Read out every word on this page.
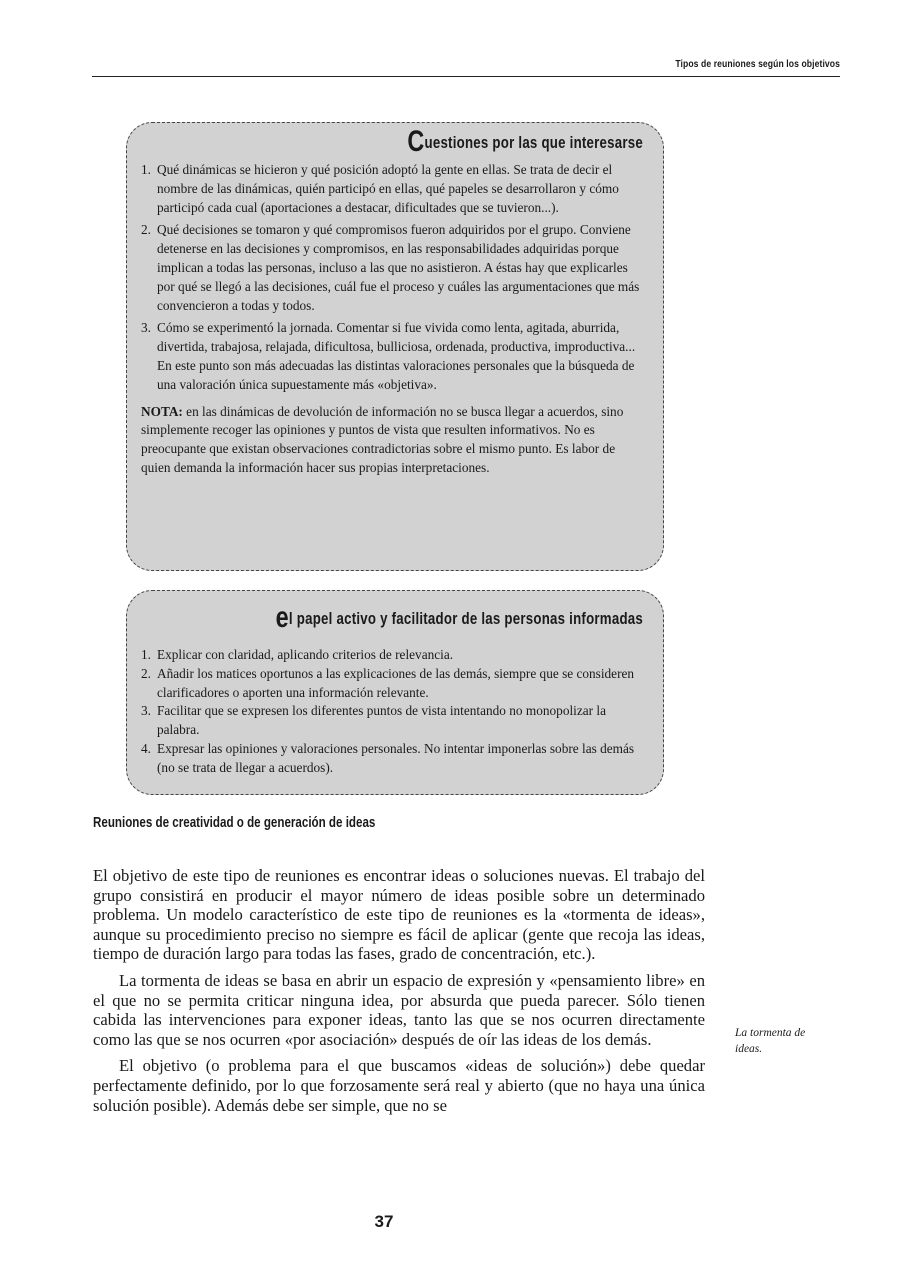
Tipos de reuniones según los objetivos
Cuestiones por las que interesarse
1. Qué dinámicas se hicieron y qué posición adoptó la gente en ellas. Se trata de decir el nombre de las dinámicas, quién participó en ellas, qué papeles se desarrollaron y cómo participó cada cual (aportaciones a destacar, dificultades que se tuvieron...).
2. Qué decisiones se tomaron y qué compromisos fueron adquiridos por el grupo. Conviene detenerse en las decisiones y compromisos, en las responsabilidades adquiridas porque implican a todas las personas, incluso a las que no asistieron. A éstas hay que explicarles por qué se llegó a las decisiones, cuál fue el proceso y cuáles las argumentaciones que más convencieron a todas y todos.
3. Cómo se experimentó la jornada. Comentar si fue vivida como lenta, agitada, aburrida, divertida, trabajosa, relajada, dificultosa, bulliciosa, ordenada, productiva, improductiva... En este punto son más adecuadas las distintas valoraciones personales que la búsqueda de una valoración única supuestamente más «objetiva».
NOTA: en las dinámicas de devolución de información no se busca llegar a acuerdos, sino simplemente recoger las opiniones y puntos de vista que resulten informativos. No es preocupante que existan observaciones contradictorias sobre el mismo punto. Es labor de quien demanda la información hacer sus propias interpretaciones.
el papel activo y facilitador de las personas informadas
1. Explicar con claridad, aplicando criterios de relevancia.
2. Añadir los matices oportunos a las explicaciones de las demás, siempre que se consideren clarificadores o aporten una información relevante.
3. Facilitar que se expresen los diferentes puntos de vista intentando no monopolizar la palabra.
4. Expresar las opiniones y valoraciones personales. No intentar imponerlas sobre las demás (no se trata de llegar a acuerdos).
Reuniones de creatividad o de generación de ideas

El objetivo de este tipo de reuniones es encontrar ideas o soluciones nuevas. El trabajo del grupo consistirá en producir el mayor número de ideas posible sobre un determinado problema. Un modelo característico de este tipo de reuniones es la «tormenta de ideas», aunque su procedimiento preciso no siempre es fácil de aplicar (gente que recoja las ideas, tiempo de duración largo para todas las fases, grado de concentración, etc.).

La tormenta de ideas se basa en abrir un espacio de expresión y «pensamiento libre» en el que no se permita criticar ninguna idea, por absurda que pueda parecer. Sólo tienen cabida las intervenciones para exponer ideas, tanto las que se nos ocurren directamente como las que se nos ocurren «por asociación» después de oír las ideas de los demás.

El objetivo (o problema para el que buscamos «ideas de solución») debe quedar perfectamente definido, por lo que forzosamente será real y abierto (que no haya una única solución posible). Además debe ser simple, que no se

La tormenta de ideas.
37
